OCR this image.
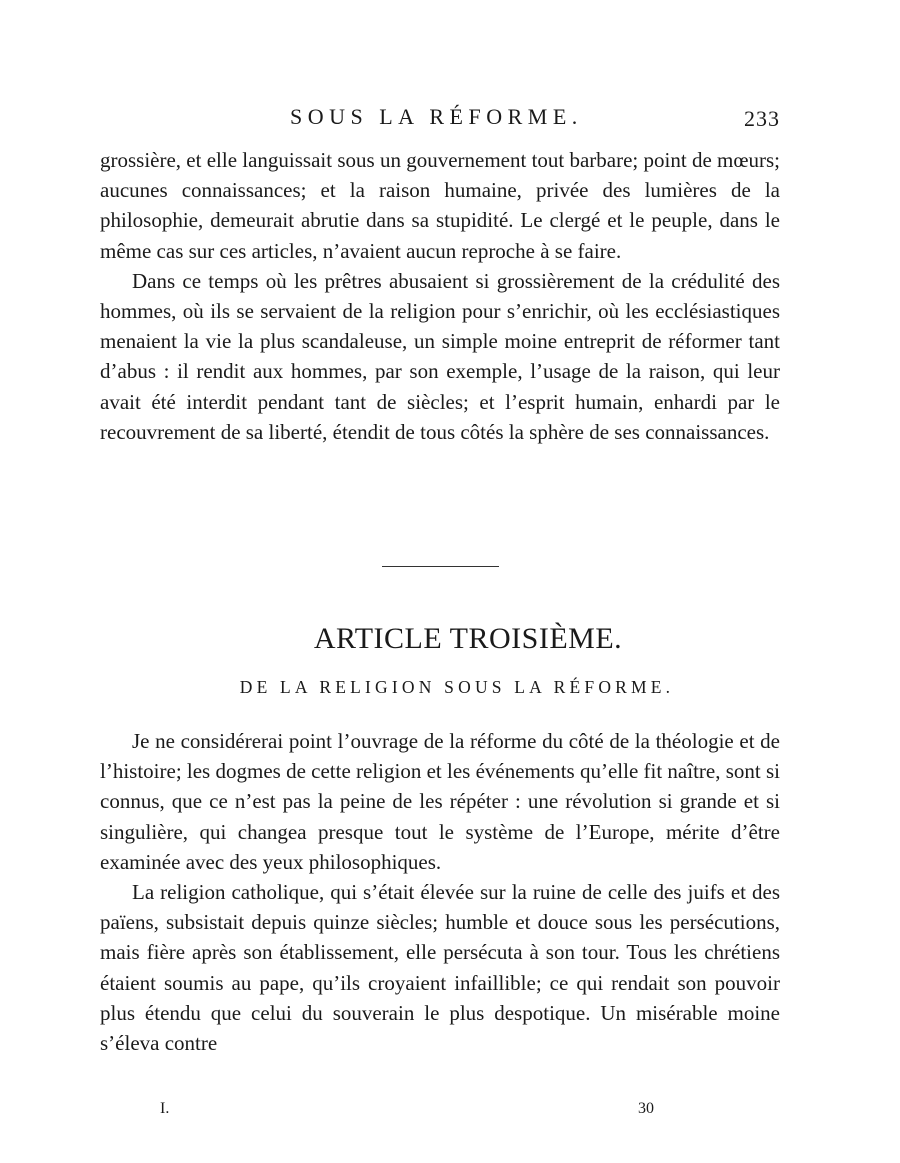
SOUS LA RÉFORME.	233

grossière, et elle languissait sous un gouvernement tout barbare; point de mœurs; aucunes connaissances; et la raison humaine, privée des lumières de la philosophie, demeurait abrutie dans sa stupidité. Le clergé et le peuple, dans le même cas sur ces articles, n’avaient aucun reproche à se faire.

Dans ce temps où les prêtres abusaient si grossièrement de la crédulité des hommes, où ils se servaient de la religion pour s’enrichir, où les ecclésiastiques menaient la vie la plus scandaleuse, un simple moine entreprit de réformer tant d’abus : il rendit aux hommes, par son exemple, l’usage de la raison, qui leur avait été interdit pendant tant de siècles; et l’esprit humain, enhardi par le recouvrement de sa liberté, étendit de tous côtés la sphère de ses connaissances.

ARTICLE TROISIÈME.
DE LA RELIGION SOUS LA RÉFORME.

Je ne considérerai point l’ouvrage de la réforme du côté de la théologie et de l’histoire; les dogmes de cette religion et les événements qu’elle fit naître, sont si connus, que ce n’est pas la peine de les répéter : une révolution si grande et si singulière, qui changea presque tout le système de l’Europe, mérite d’être examinée avec des yeux philosophiques.

La religion catholique, qui s’était élevée sur la ruine de celle des juifs et des païens, subsistait depuis quinze siècles; humble et douce sous les persécutions, mais fière après son établissement, elle persécuta à son tour. Tous les chrétiens étaient soumis au pape, qu’ils croyaient infaillible; ce qui rendait son pouvoir plus étendu que celui du souverain le plus despotique. Un misérable moine s’éleva contre

I.	30
